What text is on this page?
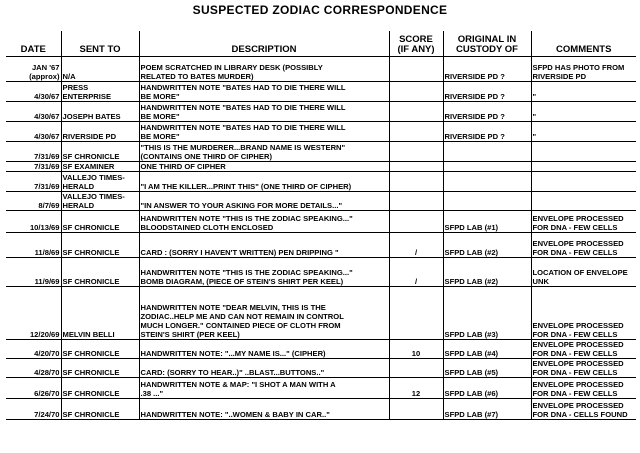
SUSPECTED ZODIAC CORRESPONDENCE
DATE	SENT TO	DESCRIPTION	SCORE
(IF ANY)	ORIGINAL IN
CUSTODY OF	COMMENTS
JAN '67
(approx)	N/A	POEM SCRATCHED IN LIBRARY DESK (POSSIBLY
RELATED TO BATES MURDER)		RIVERSIDE PD ?	SFPD HAS PHOTO FROM
RIVERSIDE PD
4/30/67	PRESS
ENTERPRISE	HANDWRITTEN NOTE "BATES HAD TO DIE THERE WILL
BE MORE"		RIVERSIDE PD ?	"
4/30/67	JOSEPH BATES	HANDWRITTEN NOTE "BATES HAD TO DIE THERE WILL
BE MORE"		RIVERSIDE PD ?	"
4/30/67	RIVERSIDE PD	HANDWRITTEN NOTE "BATES HAD TO DIE THERE WILL
BE MORE"		RIVERSIDE PD ?	"
7/31/69	SF CHRONICLE	"THIS IS THE MURDERER...BRAND NAME IS WESTERN"
(CONTAINS ONE THIRD OF CIPHER)			
7/31/69	SF EXAMINER	ONE THIRD OF CIPHER			
7/31/69	VALLEJO TIMES-
HERALD	"I AM THE KILLER...PRINT THIS" (ONE THIRD OF CIPHER)			
8/7/69	VALLEJO TIMES-
HERALD	"IN ANSWER TO YOUR ASKING FOR MORE DETAILS..."			
10/13/69	SF CHRONICLE	HANDWRITTEN NOTE "THIS IS THE ZODIAC SPEAKING..."
BLOODSTAINED CLOTH ENCLOSED		SFPD LAB (#1)	ENVELOPE PROCESSED
FOR DNA - FEW CELLS
11/8/69	SF CHRONICLE	CARD : (SORRY I HAVEN'T WRITTEN) PEN DRIPPING "	/	SFPD LAB (#2)	ENVELOPE PROCESSED
FOR DNA - FEW CELLS
11/9/69	SF CHRONICLE	HANDWRITTEN NOTE "THIS IS THE ZODIAC SPEAKING..."
BOMB DIAGRAM, (PIECE OF STEIN'S SHIRT PER KEEL)	/	SFPD LAB (#2)	LOCATION OF ENVELOPE
UNK
12/20/69	MELVIN BELLI	HANDWRITTEN NOTE "DEAR MELVIN, THIS IS THE
ZODIAC..HELP ME AND CAN NOT REMAIN IN CONTROL
MUCH LONGER." CONTAINED PIECE OF CLOTH FROM
STEIN'S SHIRT (PER KEEL)		SFPD LAB (#3)	ENVELOPE PROCESSED
FOR DNA - FEW CELLS
4/20/70	SF CHRONICLE	HANDWRITTEN NOTE: "...MY NAME IS..." (CIPHER)	10	SFPD LAB (#4)	ENVELOPE PROCESSED
FOR DNA - FEW CELLS
4/28/70	SF CHRONICLE	CARD: (SORRY TO HEAR..)" ..BLAST...BUTTONS.."		SFPD LAB (#5)	ENVELOPE PROCESSED
FOR DNA - FEW CELLS
6/26/70	SF CHRONICLE	HANDWRITTEN NOTE & MAP: "I SHOT A MAN WITH A
.38 ..."	12	SFPD LAB (#6)	ENVELOPE PROCESSED
FOR DNA - FEW CELLS
7/24/70	SF CHRONICLE	HANDWRITTEN NOTE: "..WOMEN & BABY IN CAR.."		SFPD LAB (#7)	ENVELOPE PROCESSED
FOR DNA - CELLS FOUND
